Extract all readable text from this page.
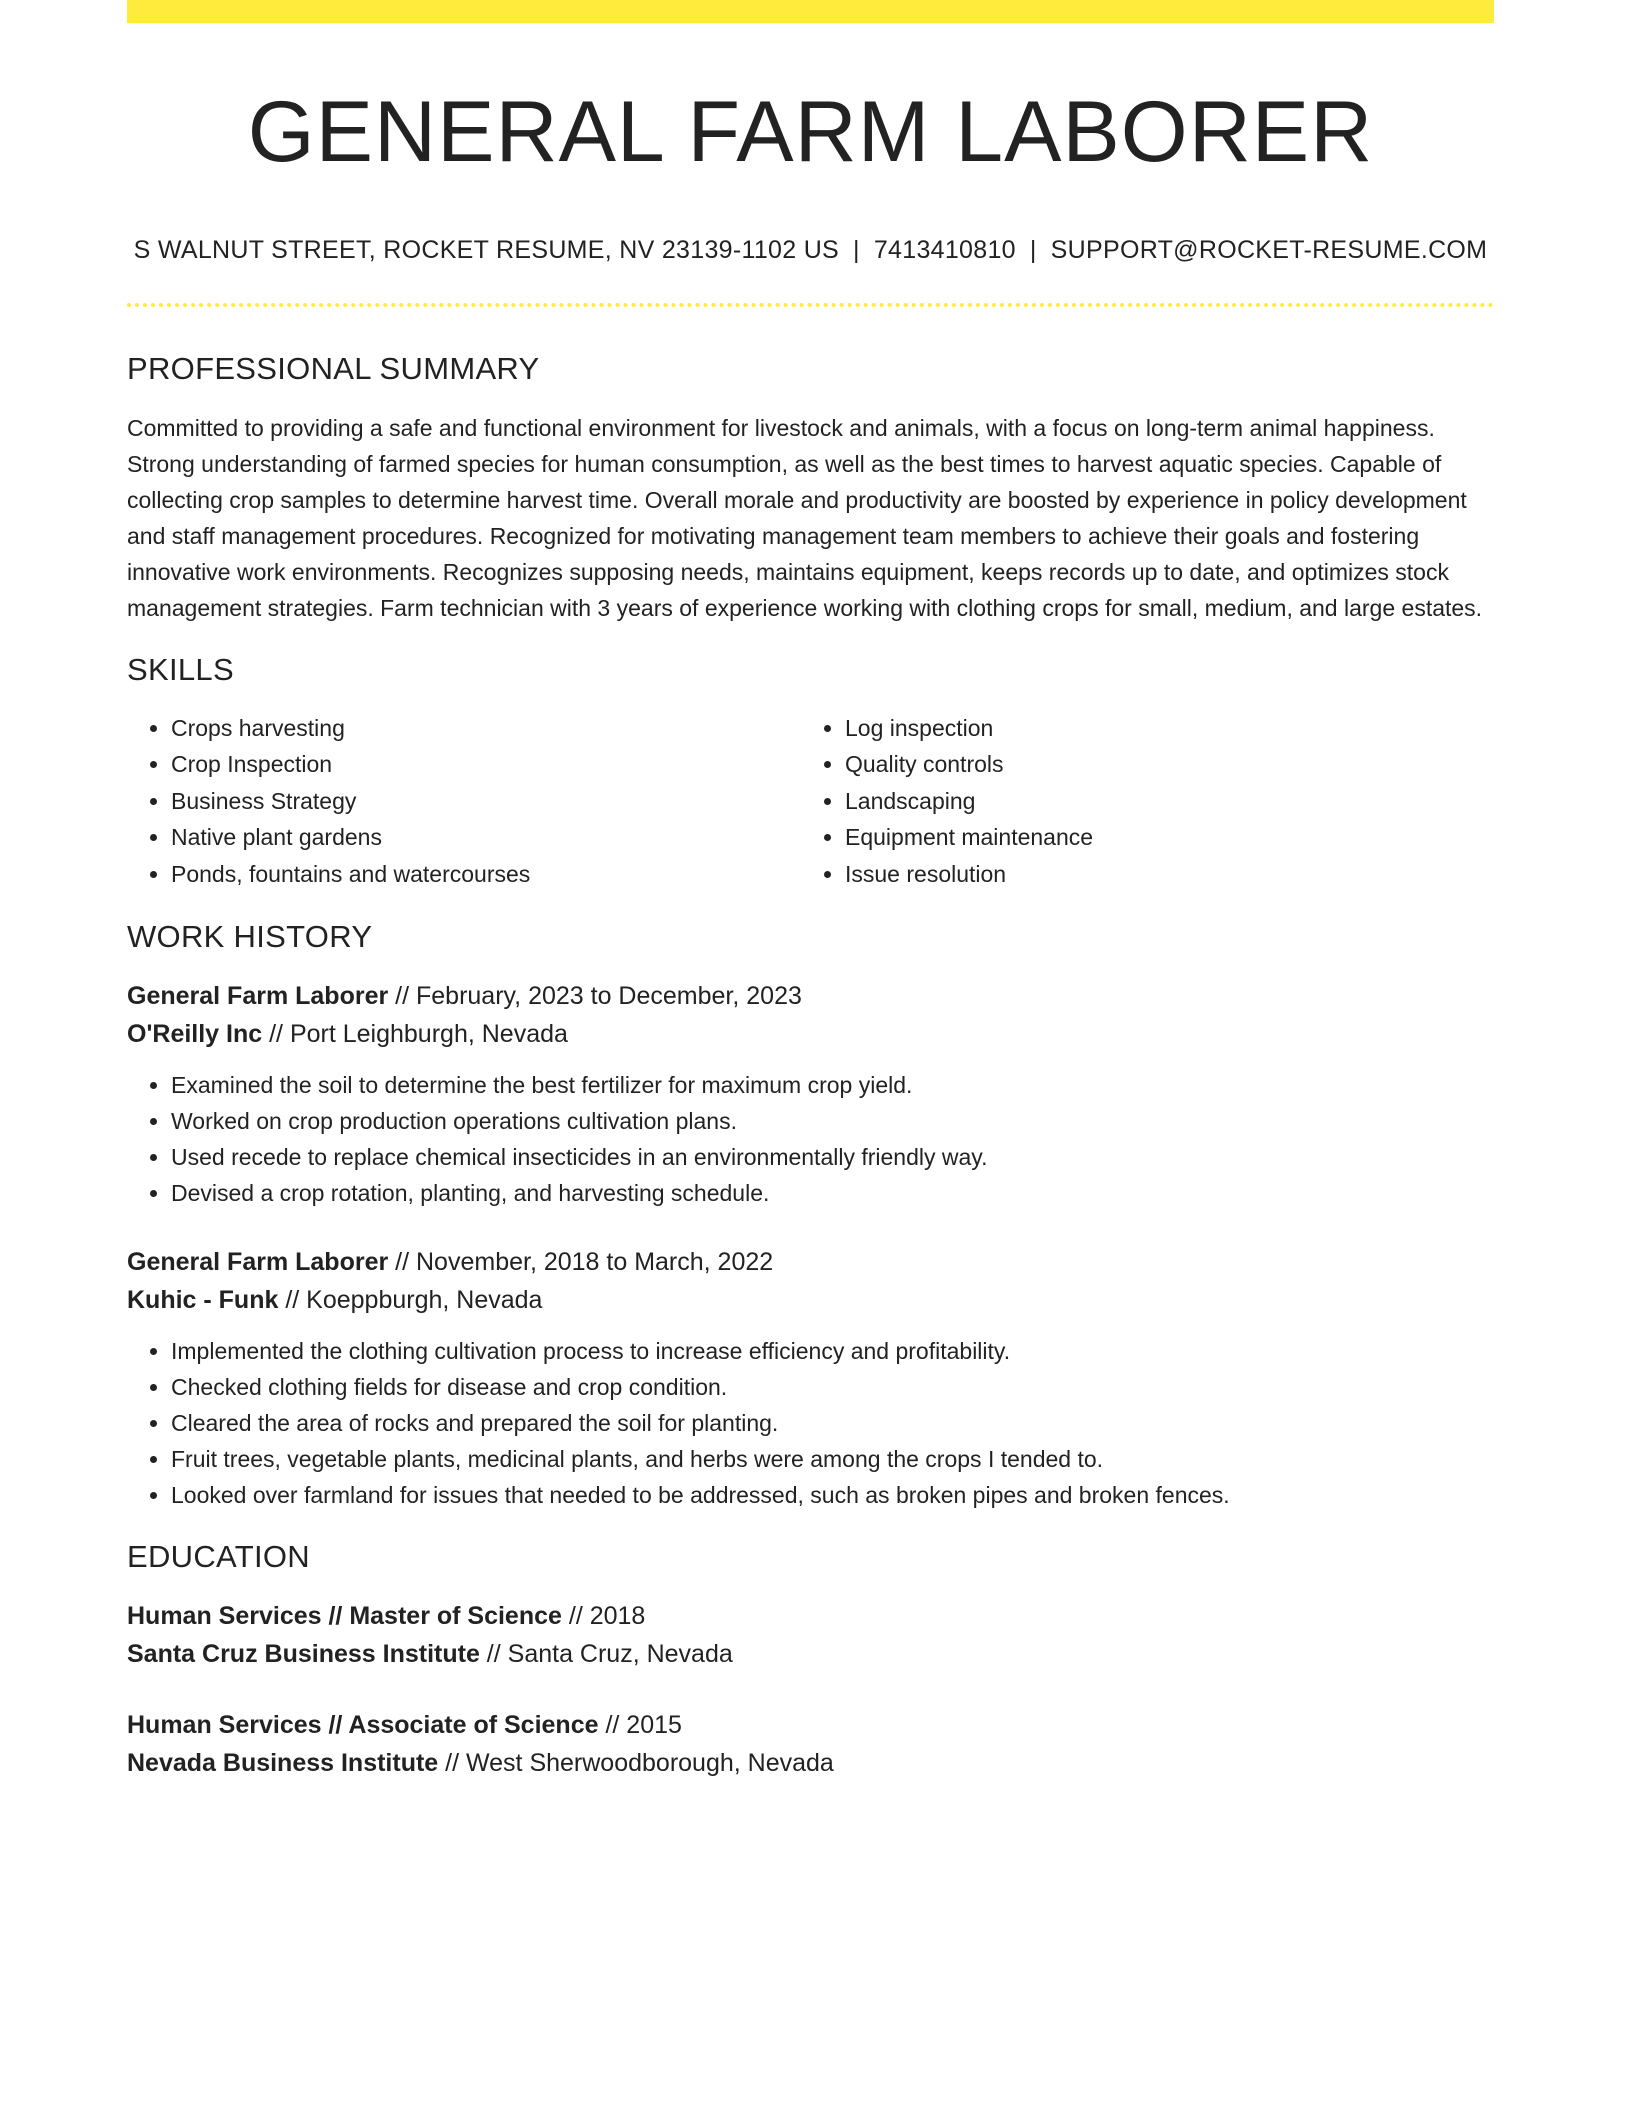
GENERAL FARM LABORER
S WALNUT STREET, ROCKET RESUME, NV 23139-1102 US | 7413410810 | SUPPORT@ROCKET-RESUME.COM
PROFESSIONAL SUMMARY

Committed to providing a safe and functional environment for livestock and animals, with a focus on long-term animal happiness. Strong understanding of farmed species for human consumption, as well as the best times to harvest aquatic species. Capable of collecting crop samples to determine harvest time. Overall morale and productivity are boosted by experience in policy development and staff management procedures. Recognized for motivating management team members to achieve their goals and fostering innovative work environments. Recognizes supposing needs, maintains equipment, keeps records up to date, and optimizes stock management strategies. Farm technician with 3 years of experience working with clothing crops for small, medium, and large estates.

SKILLS
• Crops harvesting
• Crop Inspection
• Business Strategy
• Native plant gardens
• Ponds, fountains and watercourses
• Log inspection
• Quality controls
• Landscaping
• Equipment maintenance
• Issue resolution
WORK HISTORY
General Farm Laborer // February, 2023 to December, 2023
O'Reilly Inc // Port Leighburgh, Nevada
• Examined the soil to determine the best fertilizer for maximum crop yield.
• Worked on crop production operations cultivation plans.
• Used recede to replace chemical insecticides in an environmentally friendly way.
• Devised a crop rotation, planting, and harvesting schedule.
General Farm Laborer // November, 2018 to March, 2022
Kuhic - Funk // Koeppburgh, Nevada
• Implemented the clothing cultivation process to increase efficiency and profitability.
• Checked clothing fields for disease and crop condition.
• Cleared the area of rocks and prepared the soil for planting.
• Fruit trees, vegetable plants, medicinal plants, and herbs were among the crops I tended to.
• Looked over farmland for issues that needed to be addressed, such as broken pipes and broken fences.
EDUCATION
Human Services // Master of Science // 2018
Santa Cruz Business Institute // Santa Cruz, Nevada
Human Services // Associate of Science // 2015
Nevada Business Institute // West Sherwoodborough, Nevada
